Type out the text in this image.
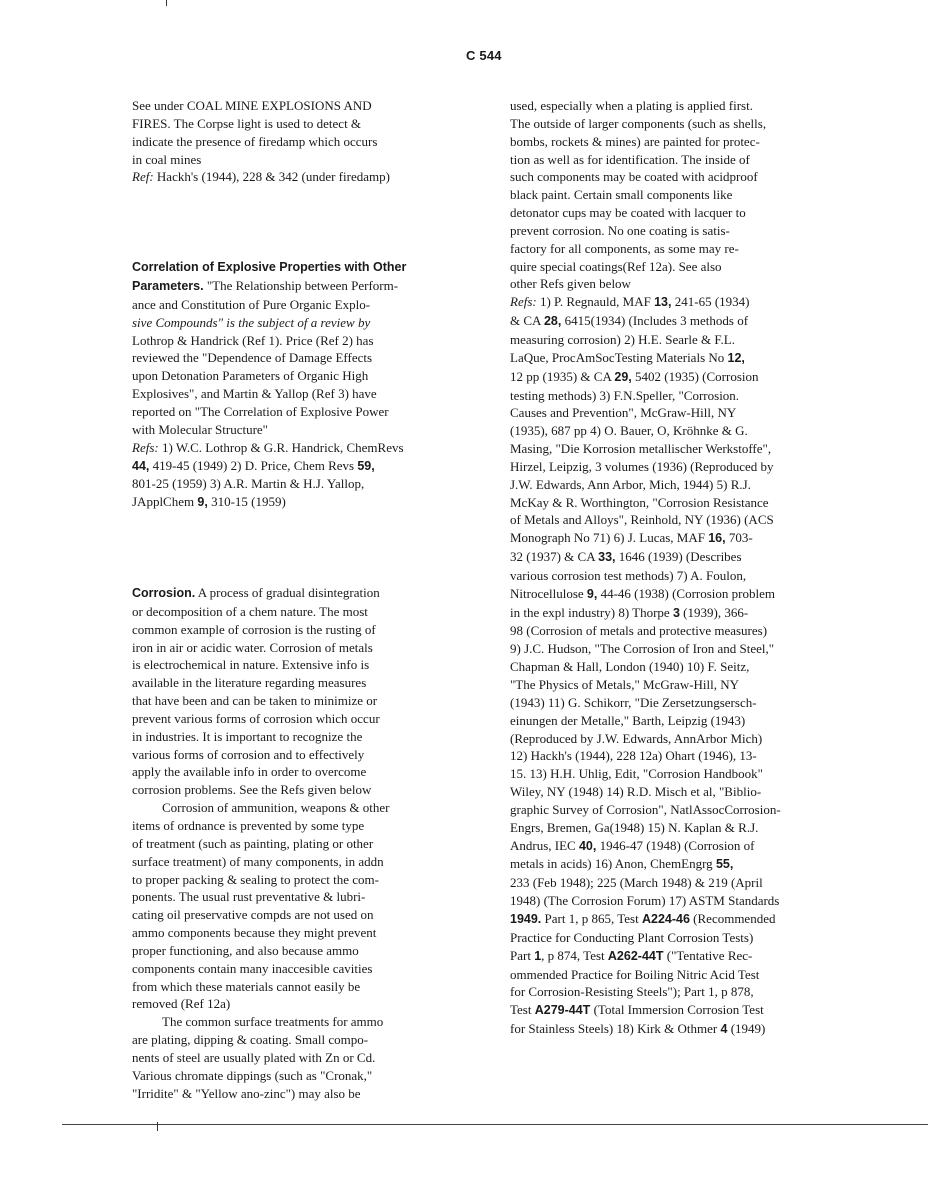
C 544
See under COAL MINE EXPLOSIONS AND
FIRES. The Corpse light is used to detect &
indicate the presence of firedamp which occurs
in coal mines
Ref: Hackh's (1944), 228 & 342 (under firedamp)
Correlation of Explosive Properties with Other
Parameters. "The Relationship between Perform-
ance and Constitution of Pure Organic Explo-
sive Compounds" is the subject of a review by
Lothrop & Handrick (Ref 1). Price (Ref 2) has
reviewed the "Dependence of Damage Effects
upon Detonation Parameters of Organic High
Explosives", and Martin & Yallop (Ref 3) have
reported on "The Correlation of Explosive Power
with Molecular Structure"
Refs: 1) W.C. Lothrop & G.R. Handrick, ChemRevs
44, 419-45 (1949) 2) D. Price, Chem Revs 59,
801-25 (1959) 3) A.R. Martin & H.J. Yallop,
JApplChem 9, 310-15 (1959)
Corrosion. A process of gradual disintegration
or decomposition of a chem nature. The most
common example of corrosion is the rusting of
iron in air or acidic water. Corrosion of metals
is electrochemical in nature. Extensive info is
available in the literature regarding measures
that have been and can be taken to minimize or
prevent various forms of corrosion which occur
in industries. It is important to recognize the
various forms of corrosion and to effectively
apply the available info in order to overcome
corrosion problems. See the Refs given below
Corrosion of ammunition, weapons & other
items of ordnance is prevented by some type
of treatment (such as painting, plating or other
surface treatment) of many components, in addn
to proper packing & sealing to protect the com-
ponents. The usual rust preventative & lubri-
cating oil preservative compds are not used on
ammo components because they might prevent
proper functioning, and also because ammo
components contain many inaccesible cavities
from which these materials cannot easily be
removed (Ref 12a)
The common surface treatments for ammo
are plating, dipping & coating. Small compo-
nents of steel are usually plated with Zn or Cd.
Various chromate dippings (such as "Cronak,"
"Irridite" & "Yellow ano-zinc") may also be
used, especially when a plating is applied first.
The outside of larger components (such as shells,
bombs, rockets & mines) are painted for protec-
tion as well as for identification. The inside of
such components may be coated with acidproof
black paint. Certain small components like
detonator cups may be coated with lacquer to
prevent corrosion. No one coating is satis-
factory for all components, as some may re-
quire special coatings(Ref 12a). See also
other Refs given below
Refs: 1) P. Regnauld, MAF 13, 241-65 (1934)
& CA 28, 6415(1934) (Includes 3 methods of
measuring corrosion) 2) H.E. Searle & F.L.
LaQue, ProcAmSocTesting Materials No 12,
12 pp (1935) & CA 29, 5402 (1935) (Corrosion
testing methods) 3) F.N.Speller, "Corrosion.
Causes and Prevention", McGraw-Hill, NY
(1935), 687 pp 4) O. Bauer, O, Kröhnke & G.
Masing, "Die Korrosion metallischer Werkstoffe",
Hirzel, Leipzig, 3 volumes (1936) (Reproduced by
J.W. Edwards, Ann Arbor, Mich, 1944) 5) R.J.
McKay & R. Worthington, "Corrosion Resistance
of Metals and Alloys", Reinhold, NY (1936) (ACS
Monograph No 71) 6) J. Lucas, MAF 16, 703-
32 (1937) & CA 33, 1646 (1939) (Describes
various corrosion test methods) 7) A. Foulon,
Nitrocellulose 9, 44-46 (1938) (Corrosion problem
in the expl industry) 8) Thorpe 3 (1939), 366-
98 (Corrosion of metals and protective measures)
9) J.C. Hudson, "The Corrosion of Iron and Steel,"
Chapman & Hall, London (1940) 10) F. Seitz,
"The Physics of Metals," McGraw-Hill, NY
(1943) 11) G. Schikorr, "Die Zersetzungsersch-
einungen der Metalle," Barth, Leipzig (1943)
(Reproduced by J.W. Edwards, AnnArbor Mich)
12) Hackh's (1944), 228 12a) Ohart (1946), 13-
15. 13) H.H. Uhlig, Edit, "Corrosion Handbook"
Wiley, NY (1948) 14) R.D. Misch et al, "Biblio-
graphic Survey of Corrosion", NatlAssocCorrosion-
Engrs, Bremen, Ga(1948) 15) N. Kaplan & R.J.
Andrus, IEC 40, 1946-47 (1948) (Corrosion of
metals in acids) 16) Anon, ChemEngrg 55,
233 (Feb 1948); 225 (March 1948) & 219 (April
1948) (The Corrosion Forum) 17) ASTM Standards
1949. Part 1, p 865, Test A224-46 (Recommended
Practice for Conducting Plant Corrosion Tests)
Part 1, p 874, Test A262-44T ("Tentative Rec-
ommended Practice for Boiling Nitric Acid Test
for Corrosion-Resisting Steels"); Part 1, p 878,
Test A279-44T (Total Immersion Corrosion Test
for Stainless Steels) 18) Kirk & Othmer 4 (1949)
